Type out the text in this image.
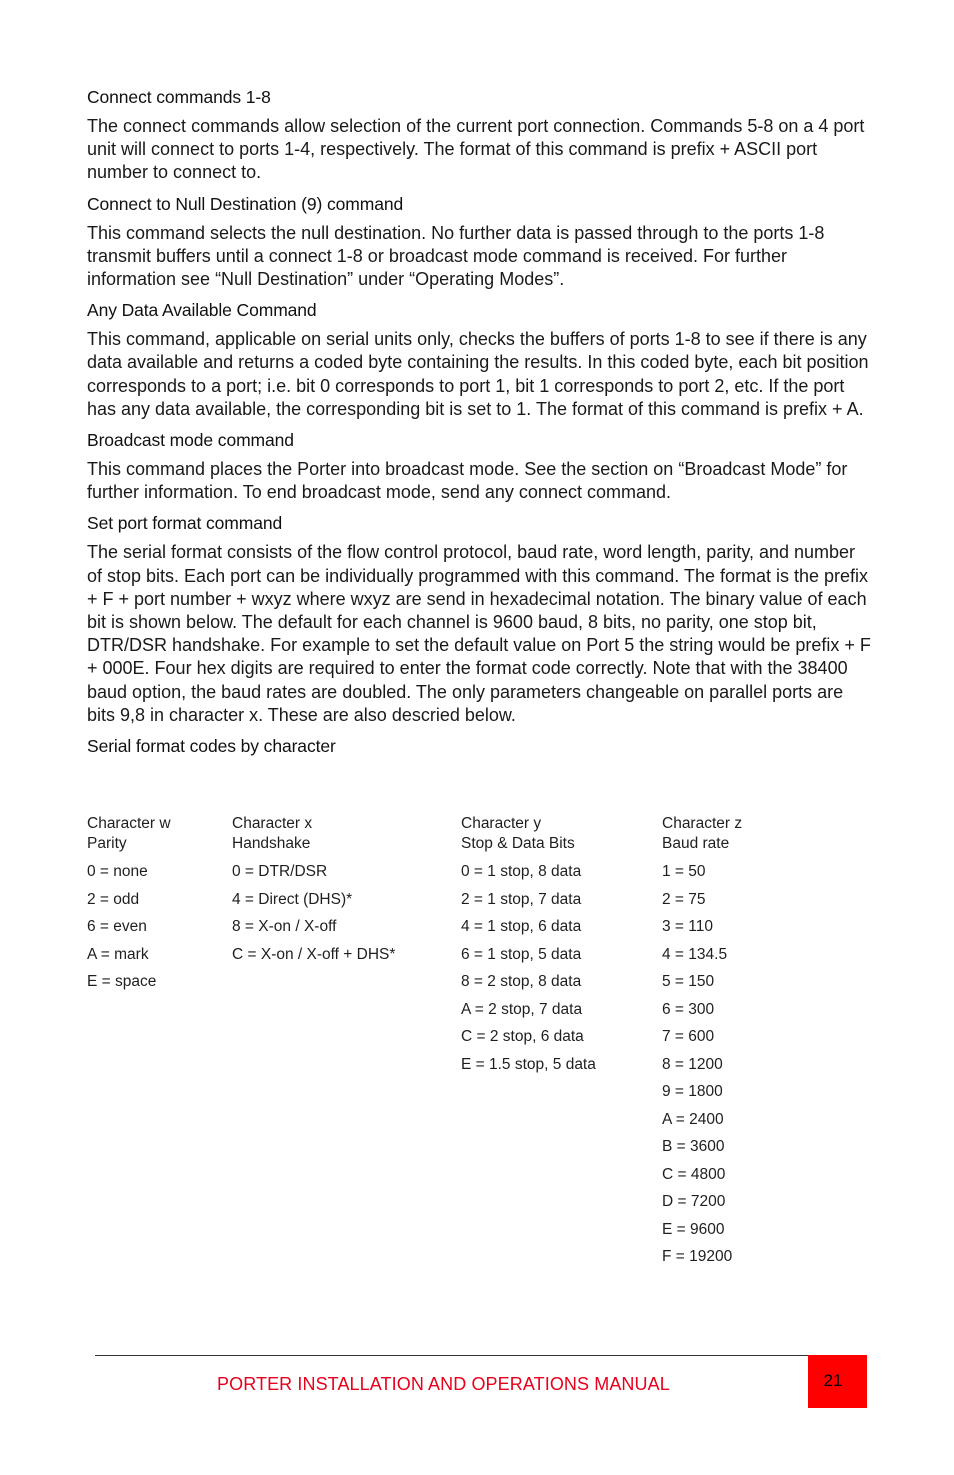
Connect commands 1-8
The connect commands allow selection of the current port connection. Commands 5-8 on a 4 port unit will connect to ports 1-4, respectively. The format of this command is prefix + ASCII port number to connect to.
Connect to Null Destination (9) command
This command selects the null destination. No further data is passed through to the ports 1-8 transmit buffers until a connect 1-8 or broadcast mode command is received. For further information see “Null Destination” under “Operating Modes”.
Any Data Available Command
This command, applicable on serial units only, checks the buffers of ports 1-8 to see if there is any data available and returns a coded byte containing the results. In this coded byte, each bit position corresponds to a port; i.e. bit 0 corresponds to port 1, bit 1 corresponds to port 2, etc. If the port has any data available, the corresponding bit is set to 1. The format of this command is prefix + A.
Broadcast mode command
This command places the Porter into broadcast mode. See the section on “Broadcast Mode” for further information. To end broadcast mode, send any connect command.
Set port format command
The serial format consists of the flow control protocol, baud rate, word length, parity, and number of stop bits. Each port can be individually programmed with this command. The format is the prefix + F + port number + wxyz where wxyz are send in hexadecimal notation. The binary value of each bit is shown below. The default for each channel is 9600 baud, 8 bits, no parity, one stop bit, DTR/DSR handshake. For example to set the default value on Port 5 the string would be prefix + F + 000E. Four hex digits are required to enter the format code correctly. Note that with the 38400 baud option, the baud rates are doubled. The only parameters changeable on parallel ports are bits 9,8 in character x. These are also descried below.
Serial format codes by character
Character w
Parity
0 = none
2 = odd
6 = even
A = mark
E = space
Character x
Handshake
0 = DTR/DSR
4 = Direct (DHS)*
8 = X-on / X-off
C = X-on / X-off + DHS*
Character y
Stop & Data Bits
0 = 1 stop, 8 data
2 = 1 stop, 7 data
4 = 1 stop, 6 data
6 = 1 stop, 5 data
8 = 2 stop, 8 data
A = 2 stop, 7 data
C = 2 stop, 6 data
E = 1.5 stop, 5 data
Character z
Baud rate
1 = 50
2 = 75
3 = 110
4 = 134.5
5 = 150
6 = 300
7 = 600
8 = 1200
9 = 1800
A = 2400
B = 3600
C = 4800
D = 7200
E = 9600
F = 19200
PORTER INSTALLATION AND OPERATIONS MANUAL	21
